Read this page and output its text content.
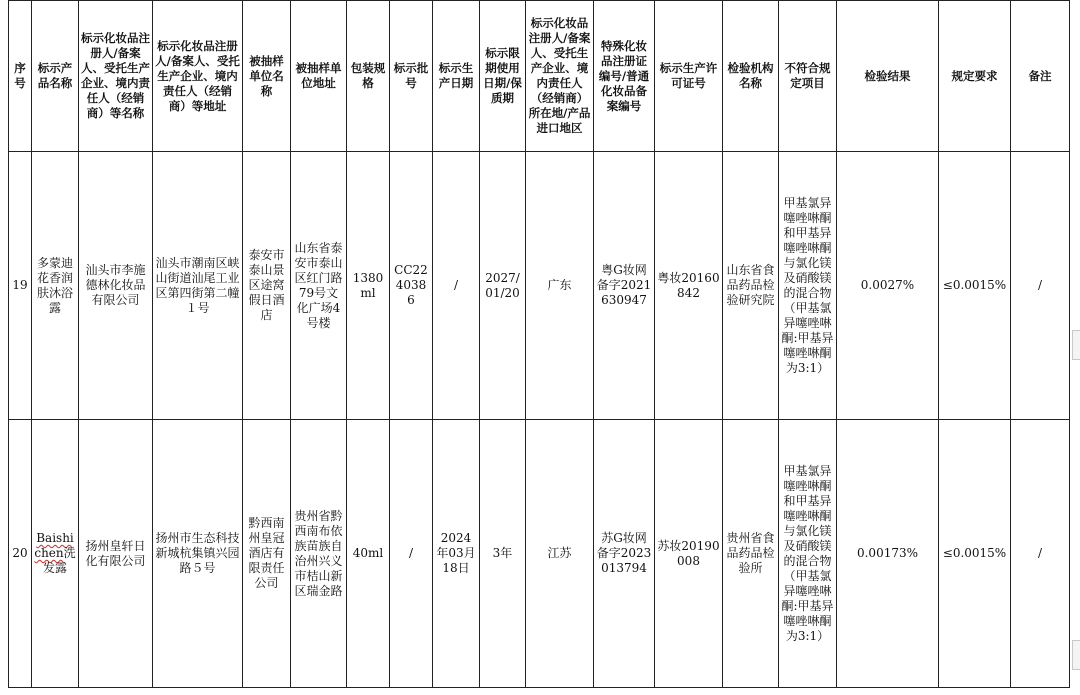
序号	标示产品名称	标示化妆品注册人/备案人、受托生产企业、境内责任人（经销商）等名称	标示化妆品注册人/备案人、受托生产企业、境内责任人（经销商）等地址	被抽样单位名称	被抽样单位地址	包装规格	标示批号	标示生产日期	标示限期使用日期/保质期	标示化妆品注册人/备案人、受托生产企业、境内责任人（经销商）所在地/产品进口地区	特殊化妆品注册证编号/普通化妆品备案编号	标示生产许可证号	检验机构名称	不符合规定项目	检验结果	规定要求	备注
19	多蒙迪花香润肤沐浴露	汕头市李施德林化妆品有限公司	汕头市潮南区峡山街道汕尾工业区第四街第二幢１号	泰安市泰山景区途窝假日酒店	山东省泰安市泰山区红门路79号文化广场4号楼	1380ml	CC2240386	/	2027/01/20	广东	粤G妆网备字2021630947	粤妆20160842	山东省食品药品检验研究院	甲基氯异噻唑啉酮和甲基异噻唑啉酮与氯化镁及硝酸镁的混合物（甲基氯异噻唑啉酮:甲基异噻唑啉酮为3:1）	0.0027%	≤0.0015%	/
20	Baishichen洗发露	扬州皇轩日化有限公司	扬州市生态科技新城杭集镇兴园路５号	黔西南州皇冠酒店有限责任公司	贵州省黔西南布依族苗族自治州兴义市桔山新区瑞金路	40ml	/	2024年03月18日	3年	江苏	苏G妆网备字2023013794	苏妆20190008	贵州省食品药品检验所	甲基氯异噻唑啉酮和甲基异噻唑啉酮与氯化镁及硝酸镁的混合物（甲基氯异噻唑啉酮:甲基异噻唑啉酮为3:1）	0.00173%	≤0.0015%	/
